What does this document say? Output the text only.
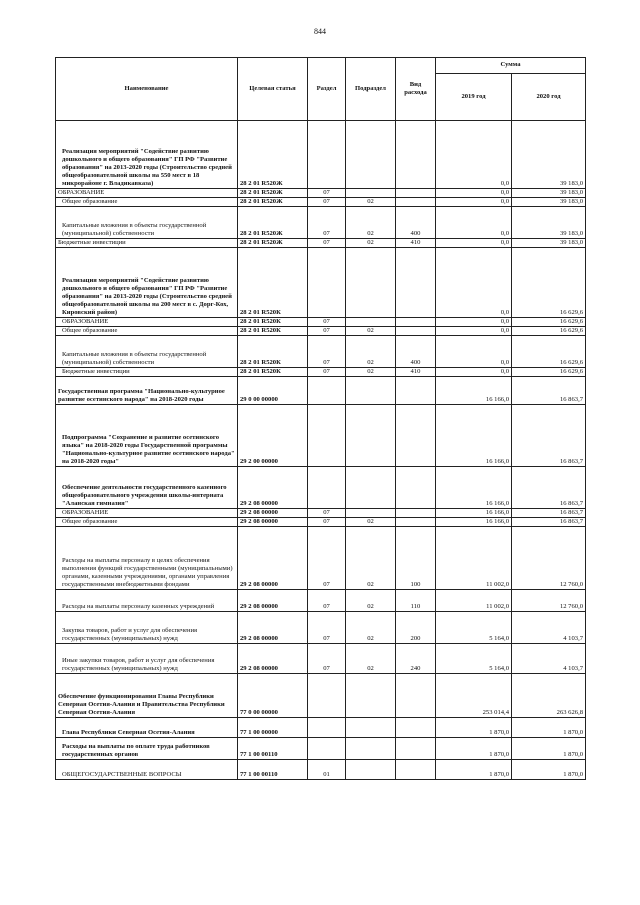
844
Наименование	Целевая статья	Раздел	Подраздел	Вид расхода	Сумма	
					2019 год	2020 год
Реализация мероприятий "Содействие развитию дошкольного и общего образования" ГП РФ "Развитие образования" на 2013-2020 годы (Строительство средней общеобразовательной школы на 550 мест в 18 микрорайоне г. Владикавказа)	28 2 01 R520Ж				0,0	39 183,0
ОБРАЗОВАНИЕ	28 2 01 R520Ж	07			0,0	39 183,0
Общее образование	28 2 01 R520Ж	07	02		0,0	39 183,0
Капитальные вложения в объекты государственной (муниципальной) собственности	28 2 01 R520Ж	07	02	400	0,0	39 183,0
Бюджетные инвестиции	28 2 01 R520Ж	07	02	410	0,0	39 183,0
Реализация мероприятий "Содействие развитию дошкольного и общего образования" ГП РФ "Развитие образования" на 2013-2020 годы (Строительство средней общеобразовательной школы на 200 мест в с. Дорг-Кох, Кировский район)	28 2 01 R520К				0,0	16 629,6
ОБРАЗОВАНИЕ	28 2 01 R520К	07			0,0	16 629,6
Общее образование	28 2 01 R520К	07	02		0,0	16 629,6
Капитальные вложения в объекты государственной (муниципальной) собственности	28 2 01 R520К	07	02	400	0,0	16 629,6
Бюджетные инвестиции	28 2 01 R520К	07	02	410	0,0	16 629,6
Государственная программа "Национально-культурное развитие осетинского народа" на 2018-2020 годы	29 0 00 00000				16 166,0	16 863,7
Подпрограмма "Сохранение и развитие осетинского языка" на 2018-2020 годы Государственной программы "Национально-культурное развитие осетинского народа" на 2018-2020 годы"	29 2 00 00000				16 166,0	16 863,7
Обеспечение деятельности государственного казенного общеобразовательного учреждения школы-интерната "Аланская гимназия"	29 2 08 00000				16 166,0	16 863,7
ОБРАЗОВАНИЕ	29 2 08 00000	07			16 166,0	16 863,7
Общее образование	29 2 08 00000	07	02		16 166,0	16 863,7
Расходы на выплаты персоналу в целях обеспечения выполнения функций государственными (муниципальными) органами, казенными учреждениями, органами управления государственными внебюджетными фондами	29 2 08 00000	07	02	100	11 002,0	12 760,0
Расходы на выплаты персоналу казенных учреждений	29 2 08 00000	07	02	110	11 002,0	12 760,0
Закупка товаров, работ и услуг для обеспечения государственных (муниципальных) нужд	29 2 08 00000	07	02	200	5 164,0	4 103,7
Иные закупки товаров, работ и услуг для обеспечения государственных (муниципальных) нужд	29 2 08 00000	07	02	240	5 164,0	4 103,7
Обеспечение функционирования Главы Республики Северная Осетия-Алания и Правительства Республики Северная Осетия-Алания	77 0 00 00000				253 014,4	263 626,8
Глава Республики Северная Осетия-Алания	77 1 00 00000				1 870,0	1 870,0
Расходы на выплаты по оплате труда работников государственных органов	77 1 00 00110				1 870,0	1 870,0
ОБЩЕГОСУДАРСТВЕННЫЕ ВОПРОСЫ	77 1 00 00110	01			1 870,0	1 870,0
